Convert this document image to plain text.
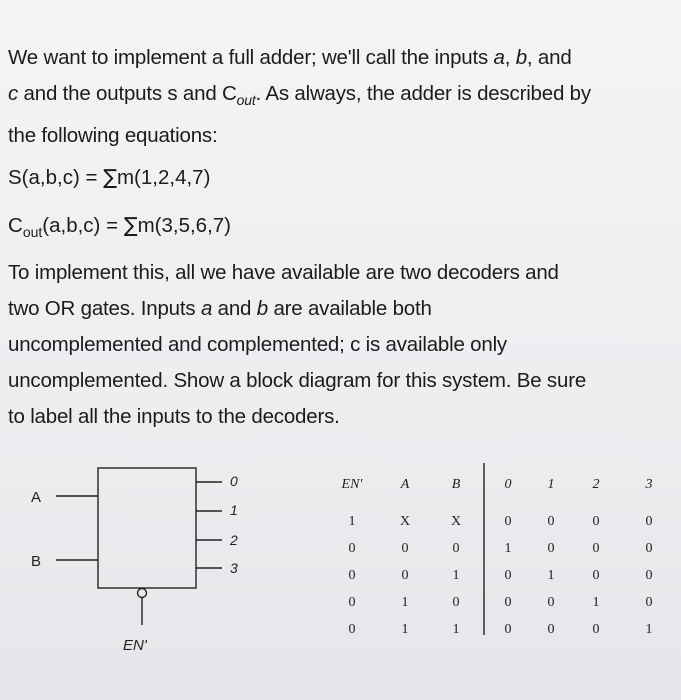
We want to implement a full adder; we'll call the inputs a, b, and

c and the outputs s and $C_{out}$. As always, the adder is described by

the following equations:

S(a,b,c) = ∑m(1,2,4,7)
$C_{out}(a,b,c) = \sum m(3,5,6,7)$

To implement this, all we have available are two decoders and

two OR gates. Inputs a and b are available both

uncomplemented and complemented; c is available only

uncomplemented. Show a block diagram for this system. Be sure

to label all the inputs to the decoders.

A
B
0
1
2
3
EN'
EN'	A	B	0	1	2	3
1	X	X	0	0	0	0
0	0	0	1	0	0	0
0	0	1	0	1	0	0
0	1	0	0	0	1	0
0	1	1	0	0	0	1
